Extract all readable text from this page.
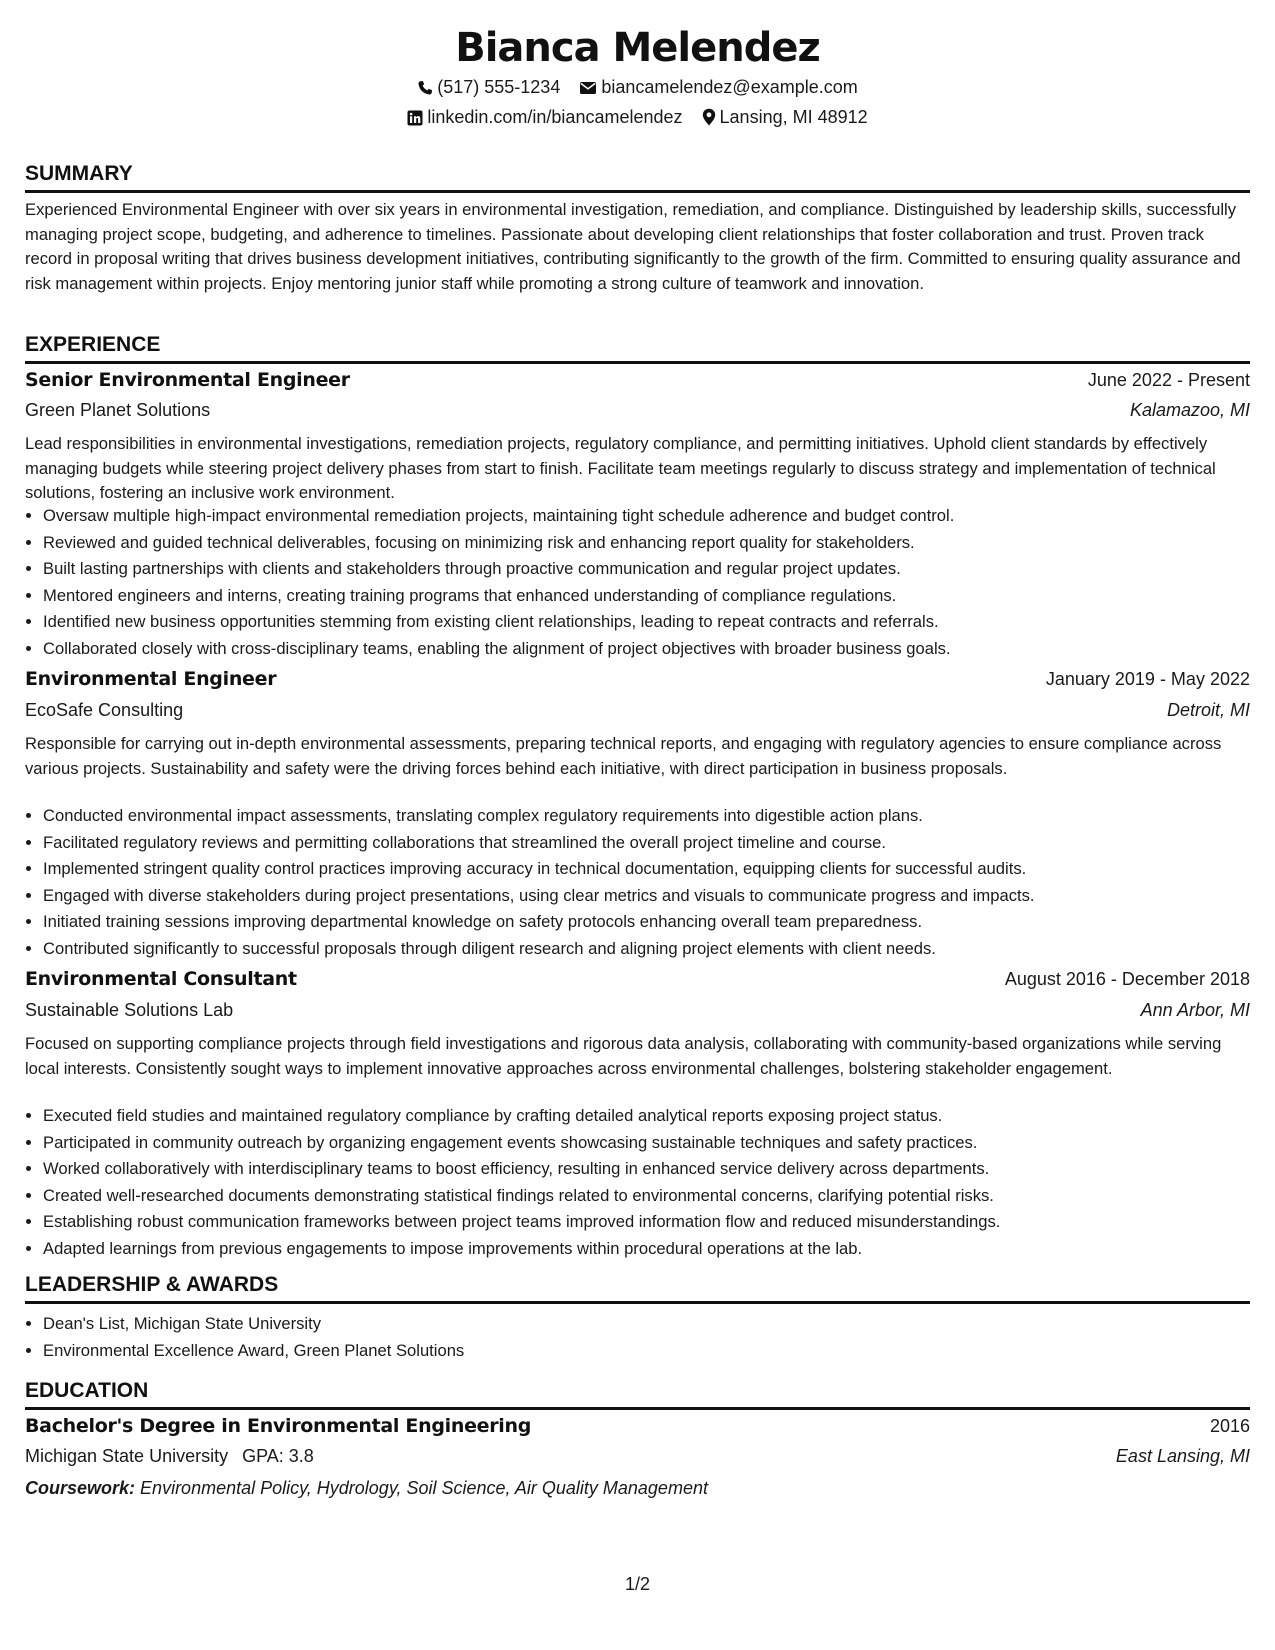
Bianca Melendez
(517) 555-1234 biancamelendez@example.com
linkedin.com/in/biancamelendez Lansing, MI 48912
SUMMARY

Experienced Environmental Engineer with over six years in environmental investigation, remediation, and compliance. Distinguished by leadership skills, successfully managing project scope, budgeting, and adherence to timelines. Passionate about developing client relationships that foster collaboration and trust. Proven track record in proposal writing that drives business development initiatives, contributing significantly to the growth of the firm. Committed to ensuring quality assurance and risk management within projects. Enjoy mentoring junior staff while promoting a strong culture of teamwork and innovation.

EXPERIENCE
Senior Environmental Engineer	June 2022 - Present
Green Planet Solutions	Kalamazoo, MI

Lead responsibilities in environmental investigations, remediation projects, regulatory compliance, and permitting initiatives. Uphold client standards by effectively managing budgets while steering project delivery phases from start to finish. Facilitate team meetings regularly to discuss strategy and implementation of technical solutions, fostering an inclusive work environment.

• Oversaw multiple high-impact environmental remediation projects, maintaining tight schedule adherence and budget control.
• Reviewed and guided technical deliverables, focusing on minimizing risk and enhancing report quality for stakeholders.
• Built lasting partnerships with clients and stakeholders through proactive communication and regular project updates.
• Mentored engineers and interns, creating training programs that enhanced understanding of compliance regulations.
• Identified new business opportunities stemming from existing client relationships, leading to repeat contracts and referrals.
• Collaborated closely with cross-disciplinary teams, enabling the alignment of project objectives with broader business goals.
Environmental Engineer	January 2019 - May 2022
EcoSafe Consulting	Detroit, MI

Responsible for carrying out in-depth environmental assessments, preparing technical reports, and engaging with regulatory agencies to ensure compliance across various projects. Sustainability and safety were the driving forces behind each initiative, with direct participation in business proposals.

• Conducted environmental impact assessments, translating complex regulatory requirements into digestible action plans.
• Facilitated regulatory reviews and permitting collaborations that streamlined the overall project timeline and course.
• Implemented stringent quality control practices improving accuracy in technical documentation, equipping clients for successful audits.
• Engaged with diverse stakeholders during project presentations, using clear metrics and visuals to communicate progress and impacts.
• Initiated training sessions improving departmental knowledge on safety protocols enhancing overall team preparedness.
• Contributed significantly to successful proposals through diligent research and aligning project elements with client needs.
Environmental Consultant	August 2016 - December 2018
Sustainable Solutions Lab	Ann Arbor, MI

Focused on supporting compliance projects through field investigations and rigorous data analysis, collaborating with community-based organizations while serving local interests. Consistently sought ways to implement innovative approaches across environmental challenges, bolstering stakeholder engagement.

• Executed field studies and maintained regulatory compliance by crafting detailed analytical reports exposing project status.
• Participated in community outreach by organizing engagement events showcasing sustainable techniques and safety practices.
• Worked collaboratively with interdisciplinary teams to boost efficiency, resulting in enhanced service delivery across departments.
• Created well-researched documents demonstrating statistical findings related to environmental concerns, clarifying potential risks.
• Establishing robust communication frameworks between project teams improved information flow and reduced misunderstandings.
• Adapted learnings from previous engagements to impose improvements within procedural operations at the lab.
LEADERSHIP & AWARDS
• Dean's List, Michigan State University
• Environmental Excellence Award, Green Planet Solutions
EDUCATION
Bachelor's Degree in Environmental Engineering	2016
Michigan State University GPA: 3.8	East Lansing, MI
Coursework: Environmental Policy, Hydrology, Soil Science, Air Quality Management
1/2
